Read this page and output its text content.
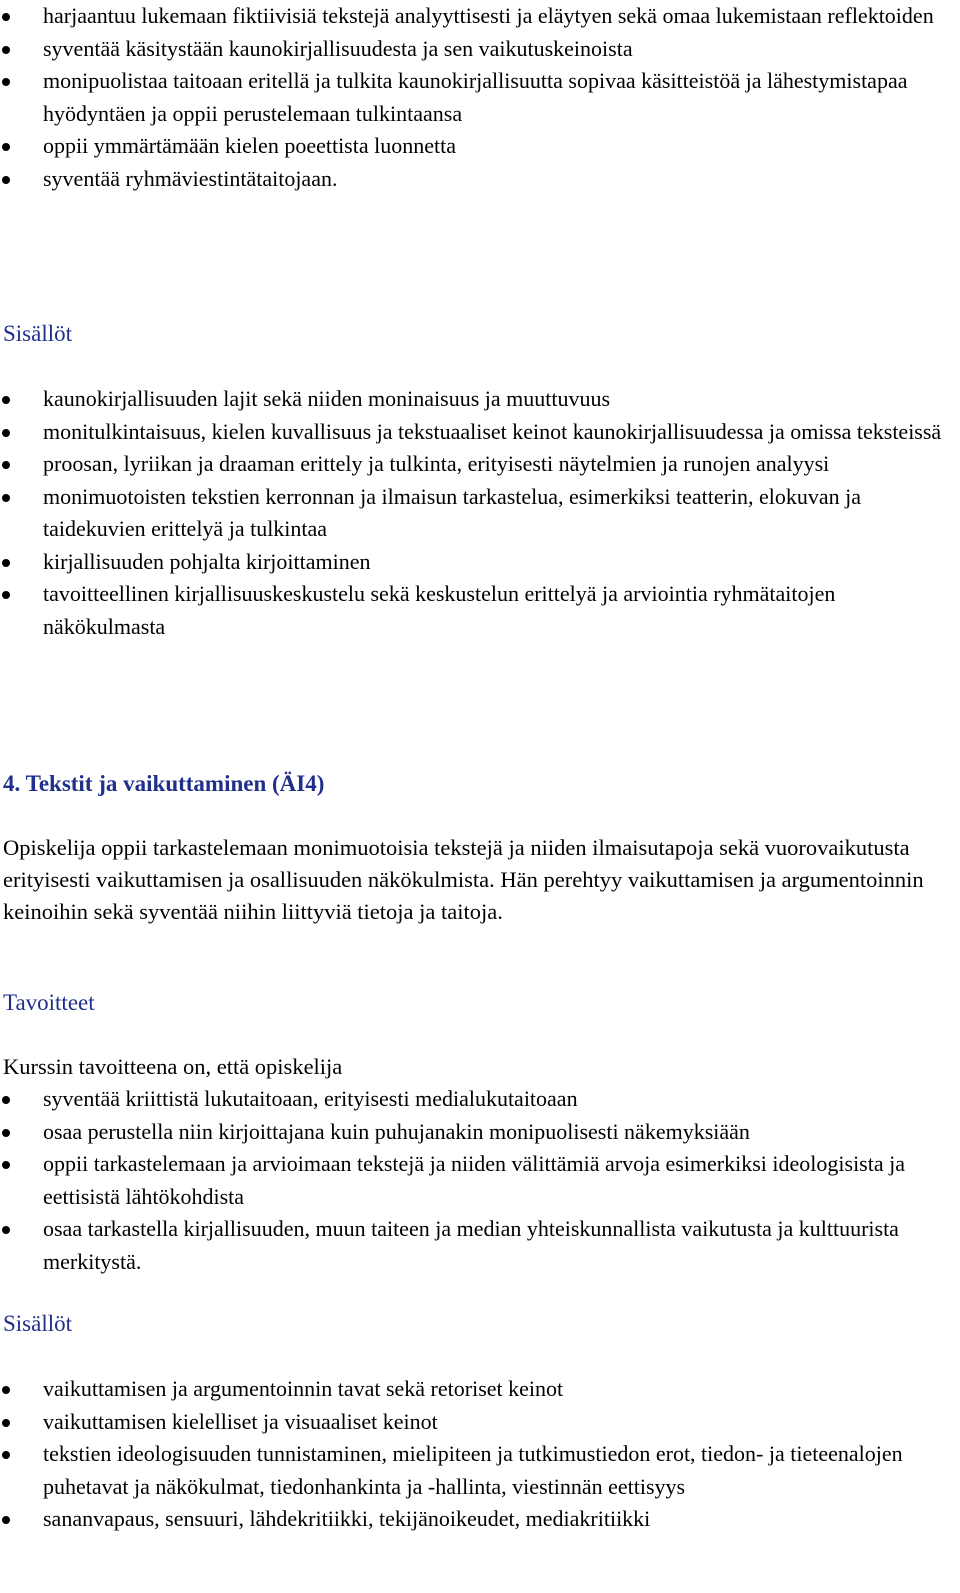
harjaantuu lukemaan fiktiivisiä tekstejä analyyttisesti ja eläytyen sekä omaa lukemistaan reflektoiden
syventää käsitystään kaunokirjallisuudesta ja sen vaikutuskeinoista
monipuolistaa taitoaan eritellä ja tulkita kaunokirjallisuutta sopivaa käsitteistöä ja lähestymistapaa hyödyntäen ja oppii perustelemaan tulkintaansa
oppii ymmärtämään kielen poeettista luonnetta
syventää ryhmäviestintätaitojaan.
Sisällöt
kaunokirjallisuuden lajit sekä niiden moninaisuus ja muuttuvuus
monitulkintaisuus, kielen kuvallisuus ja tekstuaaliset keinot kaunokirjallisuudessa ja omissa teksteissä
proosan, lyriikan ja draaman erittely ja tulkinta, erityisesti näytelmien ja runojen analyysi
monimuotoisten tekstien kerronnan ja ilmaisun tarkastelua, esimerkiksi teatterin, elokuvan ja taidekuvien erittelyä ja tulkintaa
kirjallisuuden pohjalta kirjoittaminen
tavoitteellinen kirjallisuuskeskustelu sekä keskustelun erittelyä ja arviointia ryhmätaitojen näkökulmasta
4. Tekstit ja vaikuttaminen (ÄI4)
Opiskelija oppii tarkastelemaan monimuotoisia tekstejä ja niiden ilmaisutapoja sekä vuorovaikutusta erityisesti vaikuttamisen ja osallisuuden näkökulmista. Hän perehtyy vaikuttamisen ja argumentoinnin keinoihin sekä syventää niihin liittyviä tietoja ja taitoja.
Tavoitteet
Kurssin tavoitteena on, että opiskelija
syventää kriittistä lukutaitoaan, erityisesti medialukutaitoaan
osaa perustella niin kirjoittajana kuin puhujanakin monipuolisesti näkemyksiään
oppii tarkastelemaan ja arvioimaan tekstejä ja niiden välittämiä arvoja esimerkiksi ideologisista ja eettisistä lähtökohdista
osaa tarkastella kirjallisuuden, muun taiteen ja median yhteiskunnallista vaikutusta ja kulttuurista merkitystä.
Sisällöt
vaikuttamisen ja argumentoinnin tavat sekä retoriset keinot
vaikuttamisen kielelliset ja visuaaliset keinot
tekstien ideologisuuden tunnistaminen, mielipiteen ja tutkimustiedon erot, tiedon- ja tieteenalojen puhetavat ja näkökulmat, tiedonhankinta ja -hallinta, viestinnän eettisyys
sananvapaus, sensuuri, lähdekritiikki, tekijänoikeudet, mediakritiikki
